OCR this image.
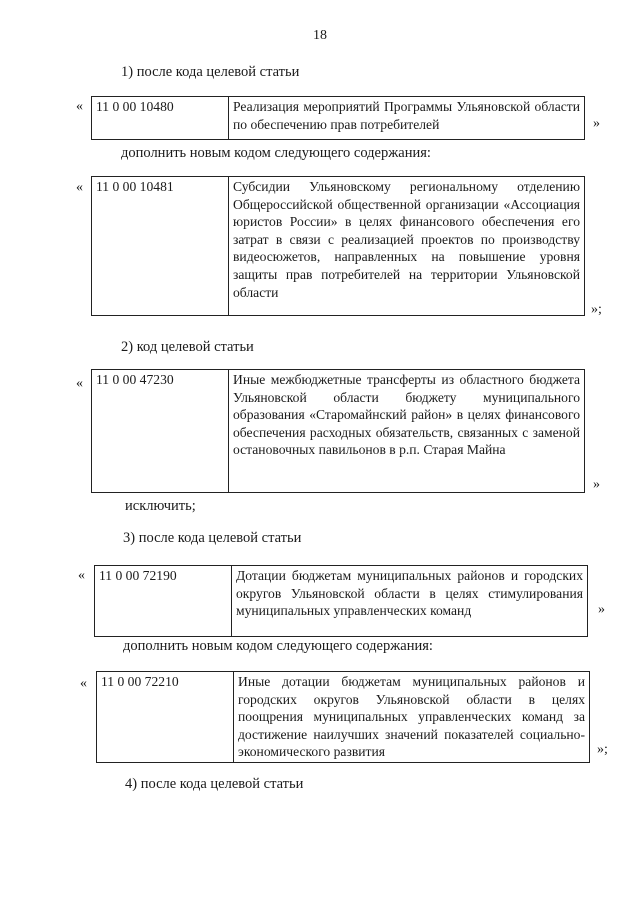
18
1) после кода целевой статьи
« 11 0 00 10480	Реализация мероприятий Программы Ульяновской области по обеспечению прав потребителей	»
дополнить новым кодом следующего содержания:
« 11 0 00 10481	Субсидии Ульяновскому региональному отделению Общероссийской общественной организации «Ассоциация юристов России» в целях финансового обеспечения его затрат в связи с реализацией проектов по производству видеосюжетов, направленных на повышение уровня защиты прав потребителей на территории Ульяновской области
»;
2) код целевой статьи
« 11 0 00 47230	Иные межбюджетные трансферты из областного бюджета Ульяновской области бюджету муниципального образования «Старомайнский район» в целях финансового обеспечения расходных обязательств, связанных с заменой остановочных павильонов в р.п. Старая Майна
»
исключить;
3) после кода целевой статьи
« 11 0 00 72190	Дотации бюджетам муниципальных районов и городских округов Ульяновской области в целях стимулирования муниципальных управленческих команд	»
дополнить новым кодом следующего содержания:
« 11 0 00 72210	Иные дотации бюджетам муниципальных районов и городских округов Ульяновской области в целях поощрения муниципальных управленческих команд за достижение наилучших значений показателей социально-экономического развития	»;
4) после кода целевой статьи
